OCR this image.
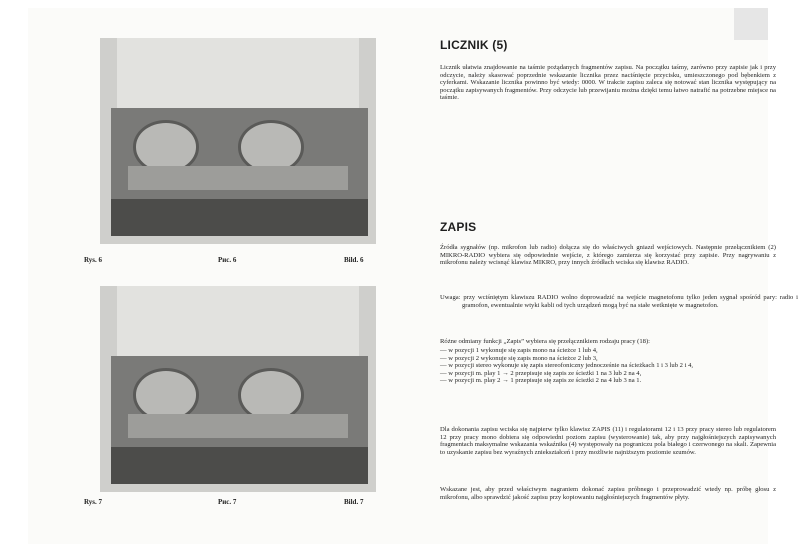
Rys. 6	Рис. 6	Bild. 6
Rys. 7	Рис. 7	Bild. 7
LICZNIK (5)

Licznik ułatwia znajdowanie na taśmie pożądanych fragmentów zapisu. Na początku taśmy, zarówno przy zapisie jak i przy odczycie, należy skasować poprzednie wskazanie licznika przez naciśnięcie przycisku, umieszczonego pod bębenkiem z cyferkami. Wskazanie licznika powinno być wtedy: 0000. W trakcie zapisu zaleca się notować stan licznika występujący na początku zapisywanych fragmentów. Przy odczycie lub przewijaniu można dzięki temu łatwo natrafić na potrzebne miejsce na taśmie.

ZAPIS

Źródła sygnałów (np. mikrofon lub radio) dołącza się do właściwych gniazd wejściowych. Następnie przełącznikiem (2) MIKRO-RADIO wybiera się odpowiednie wejście, z którego zamierza się korzystać przy zapisie. Przy nagrywaniu z mikrofonu należy wcisnąć klawisz MIKRO, przy innych źródłach wciska się klawisz RADIO.

Uwaga: przy wciśniętym klawiszu RADIO wolno doprowadzić na wejście magnetofonu tylko jeden sygnał spośród pary: radio i gramofon, ewentualnie wtyki kabli od tych urządzeń mogą być na stałe wetknięte w magnetofon.

Różne odmiany funkcji „Zapis” wybiera się przełącznikiem rodzaju pracy (18):

— w pozycji 1 wykonuje się zapis mono na ścieżce 1 lub 4,
— w pozycji 2 wykonuje się zapis mono na ścieżce 2 lub 3,
— w pozycji stereo wykonuje się zapis stereofoniczny jednocześnie na ścieżkach 1 i 3 lub 2 i 4,
— w pozycji m. play 1 → 2 przepisuje się zapis ze ścieżki 1 na 3 lub 2 na 4,
— w pozycji m. play 2 → 1 przepisuje się zapis ze ścieżki 2 na 4 lub 3 na 1.

Dla dokonania zapisu wciska się najpierw tylko klawisz ZAPIS (11) i regulatorami 12 i 13 przy pracy stereo lub regulatorem 12 przy pracy mono dobiera się odpowiedni poziom zapisu (wysterowanie) tak, aby przy najgłośniejszych zapisywanych fragmentach maksymalne wskazania wskaźnika (4) występowały na pograniczu pola białego i czerwonego na skali. Zapewnia to uzyskanie zapisu bez wyraźnych zniekształceń i przy możliwie najniższym poziomie szumów.

Wskazane jest, aby przed właściwym nagraniem dokonać zapisu próbnego i przeprowadzić wtedy np. próbę głosu z mikrofonu, albo sprawdzić jakość zapisu przy kopiowaniu najgłośniejszych fragmentów płyty.
